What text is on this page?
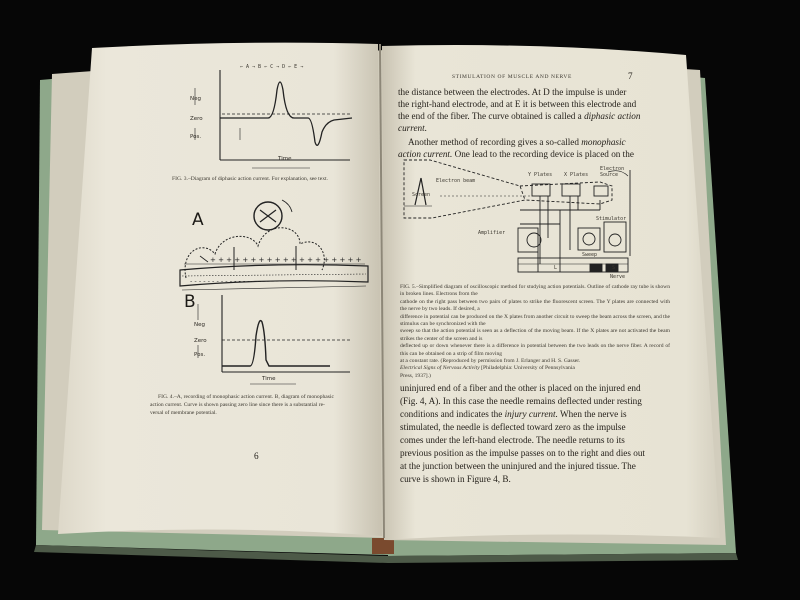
+ + + + + + + + + + + + + + + + + + +
- - - - - - - - - - - - - - - - - - - - -
← A → B ← C → D ← E →
Neg
Zero
Pos.
Time
FIG. 3.–Diagram of diphasic action current. For explanation, see text.
A
B
Neg
Zero
Pos.
Time
FIG. 4.–A, recording of monophasic action current. B, diagram of monophasic
action current. Curve is shown passing zero line since there is a substantial re-
versal of membrane potential.
6
STIMULATION OF MUSCLE AND NERVE	7
the distance between the electrodes. At D the impulse is under
the right-hand electrode, and at E it is between this electrode and
the end of the fiber. The curve obtained is called a diphasic action
current.
Another method of recording gives a so-called monophasic
action current. One lead to the recording device is placed on the
Electron beam
Screen
Y Plates X Plates
Electron
Source
Stimulator
Amplifier
Sweep
Nerve
L	S
FIG. 5.–Simplified diagram of oscilloscopic method for studying action potentials. Outline of cathode ray tube is shown in broken lines. Electrons from the
cathode on the right pass between two pairs of plates to strike the fluorescent screen. The Y plates are connected with the nerve by two leads. If desired, a
difference in potential can be produced on the X plates from another circuit to sweep the beam across the screen, and the stimulus can be synchronized with the
sweep so that the action potential is seen as a deflection of the moving beam. If the X plates are not activated the beam strikes the center of the screen and is
deflected up or down whenever there is a difference in potential between the two leads on the nerve fiber. A record of this can be obtained on a strip of film moving
at a constant rate. (Reproduced by permission from J. Erlanger and H. S. Gasser.
Electrical Signs of Nervous Activity [Philadelphia: University of Pennsylvania
Press, 1937].)
uninjured end of a fiber and the other is placed on the injured end
(Fig. 4, A). In this case the needle remains deflected under resting
conditions and indicates the injury current. When the nerve is
stimulated, the needle is deflected toward zero as the impulse
comes under the left-hand electrode. The needle returns to its
previous position as the impulse passes on to the right and dies out
at the junction between the uninjured and the injured tissue. The
curve is shown in Figure 4, B.
